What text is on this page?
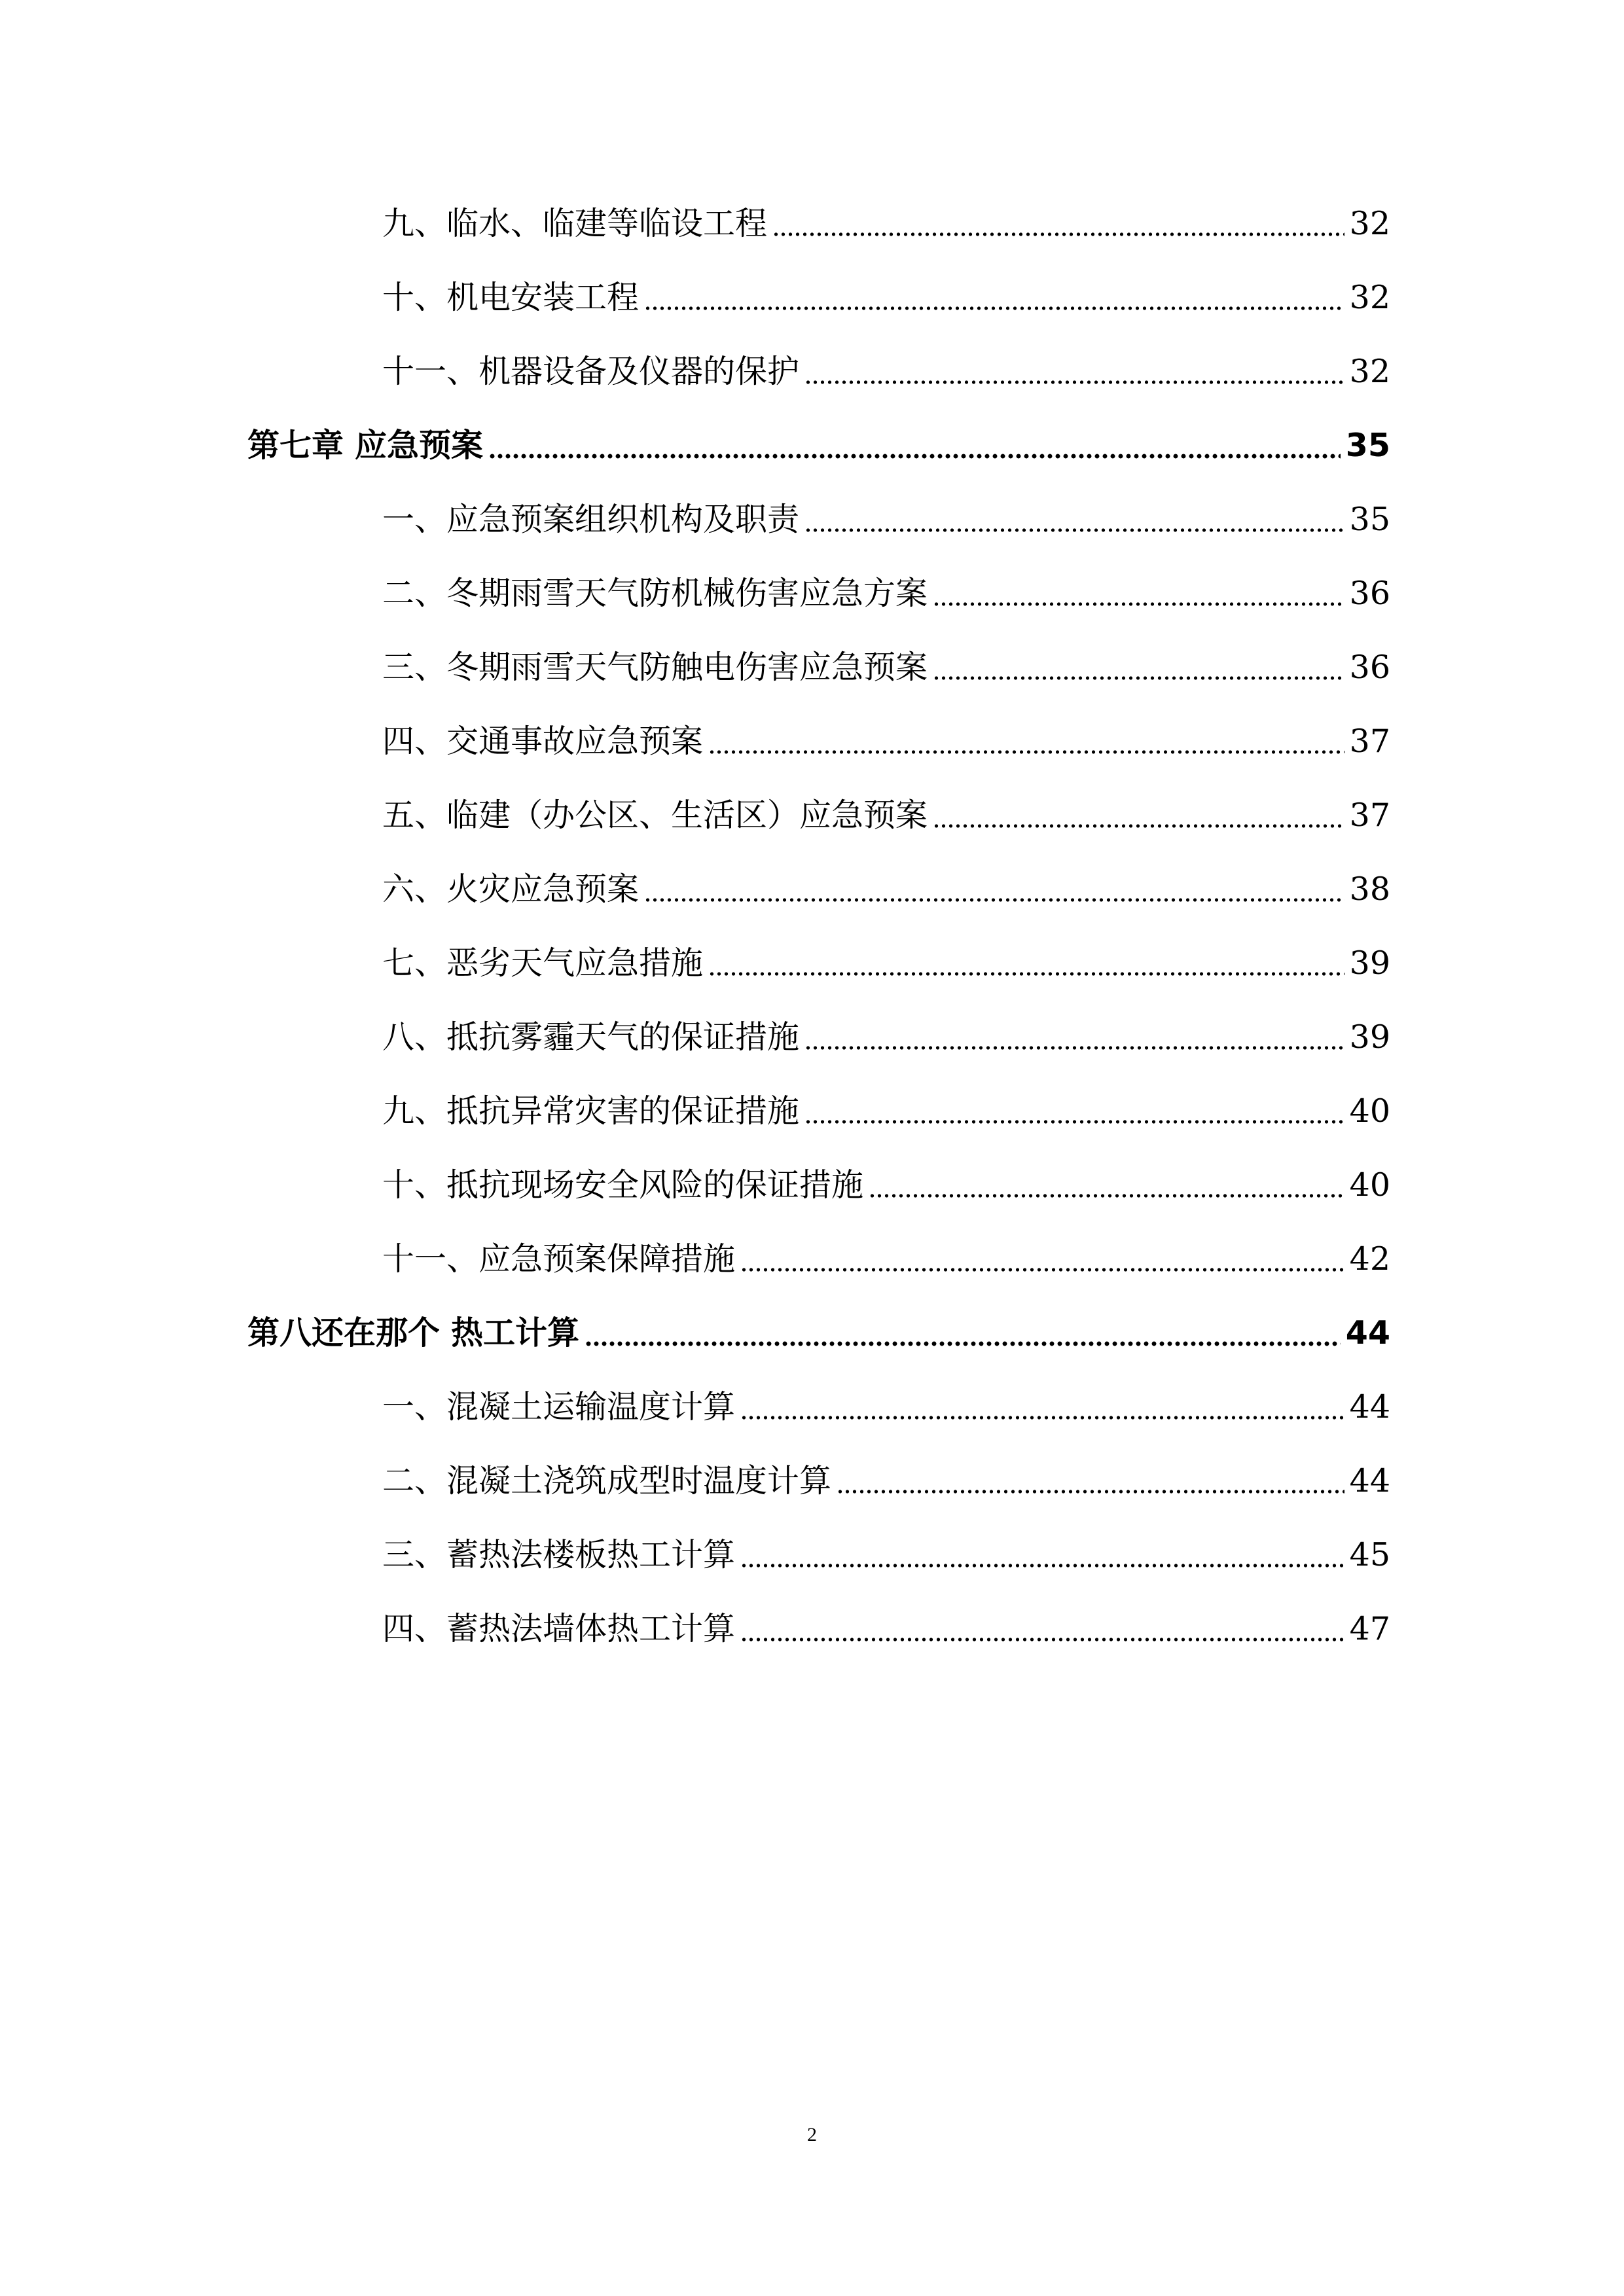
九、临水、临建等临设工程	32
十、机电安装工程	32
十一、机器设备及仪器的保护	32
第七章 应急预案	35
一、应急预案组织机构及职责	35
二、冬期雨雪天气防机械伤害应急方案	36
三、冬期雨雪天气防触电伤害应急预案	36
四、交通事故应急预案	37
五、临建（办公区、生活区）应急预案	37
六、火灾应急预案	38
七、恶劣天气应急措施	39
八、抵抗雾霾天气的保证措施	39
九、抵抗异常灾害的保证措施	40
十、抵抗现场安全风险的保证措施	40
十一、应急预案保障措施	42
第八还在那个 热工计算	44
一、混凝土运输温度计算	44
二、混凝土浇筑成型时温度计算	44
三、蓄热法楼板热工计算	45
四、蓄热法墙体热工计算	47
2
